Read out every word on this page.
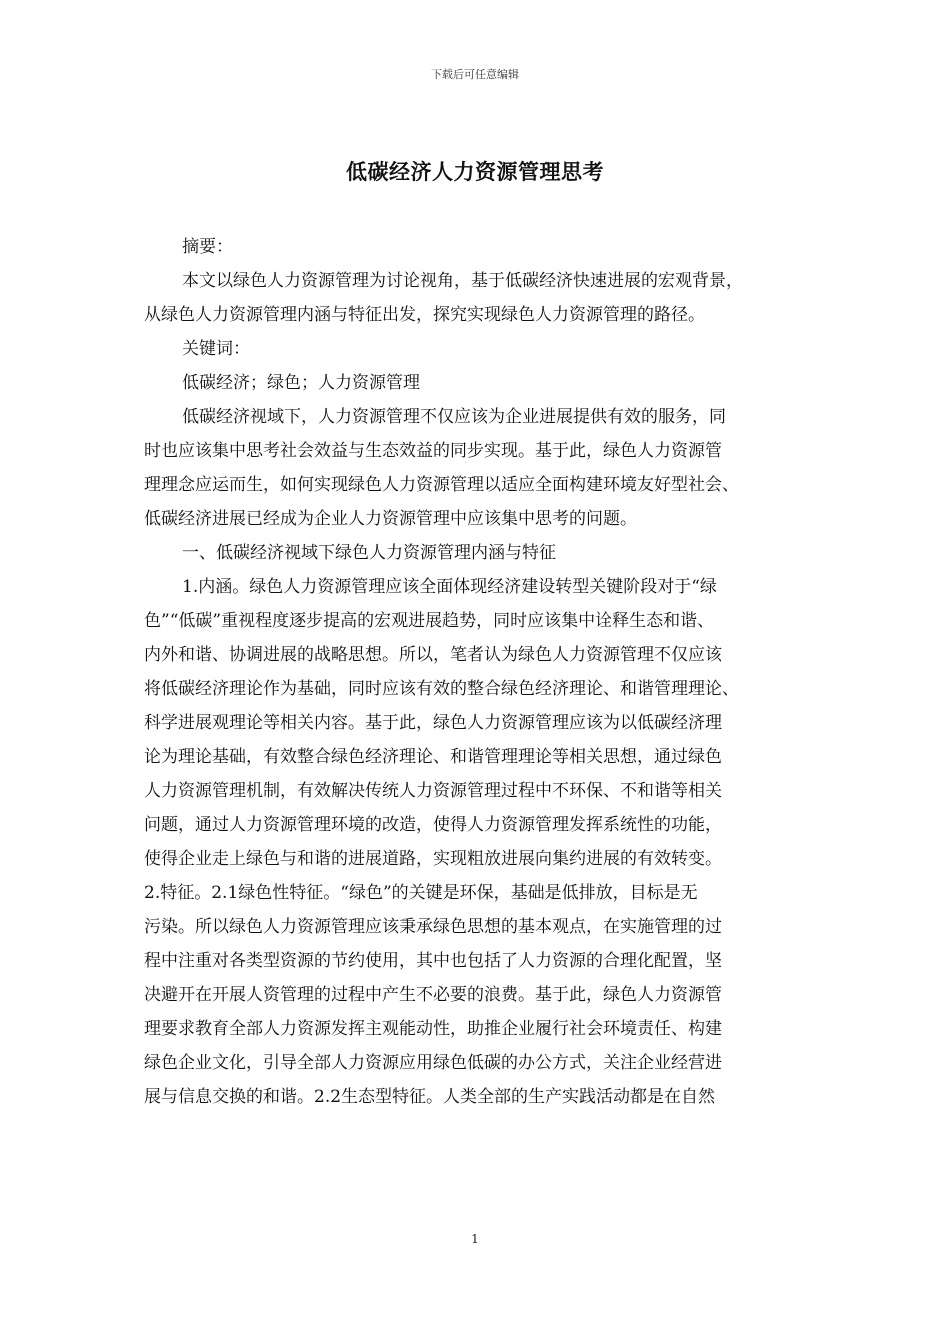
下载后可任意编辑
低碳经济人力资源管理思考
摘要：
本文以绿色人力资源管理为讨论视角，基于低碳经济快速进展的宏观背景，
从绿色人力资源管理内涵与特征出发，探究实现绿色人力资源管理的路径。
关键词：
低碳经济；绿色；人力资源管理
低碳经济视域下，人力资源管理不仅应该为企业进展提供有效的服务，同
时也应该集中思考社会效益与生态效益的同步实现。基于此，绿色人力资源管
理理念应运而生，如何实现绿色人力资源管理以适应全面构建环境友好型社会、
低碳经济进展已经成为企业人力资源管理中应该集中思考的问题。
一、低碳经济视域下绿色人力资源管理内涵与特征
1.内涵。绿色人力资源管理应该全面体现经济建设转型关键阶段对于“绿
色”“低碳”重视程度逐步提高的宏观进展趋势，同时应该集中诠释生态和谐、
内外和谐、协调进展的战略思想。所以，笔者认为绿色人力资源管理不仅应该
将低碳经济理论作为基础，同时应该有效的整合绿色经济理论、和谐管理理论、
科学进展观理论等相关内容。基于此，绿色人力资源管理应该为以低碳经济理
论为理论基础，有效整合绿色经济理论、和谐管理理论等相关思想，通过绿色
人力资源管理机制，有效解决传统人力资源管理过程中不环保、不和谐等相关
问题，通过人力资源管理环境的改造，使得人力资源管理发挥系统性的功能，
使得企业走上绿色与和谐的进展道路，实现粗放进展向集约进展的有效转变。
2.特征。2.1绿色性特征。“绿色”的关键是环保，基础是低排放，目标是无
污染。所以绿色人力资源管理应该秉承绿色思想的基本观点，在实施管理的过
程中注重对各类型资源的节约使用，其中也包括了人力资源的合理化配置，坚
决避开在开展人资管理的过程中产生不必要的浪费。基于此，绿色人力资源管
理要求教育全部人力资源发挥主观能动性，助推企业履行社会环境责任、构建
绿色企业文化，引导全部人力资源应用绿色低碳的办公方式，关注企业经营进
展与信息交换的和谐。2.2生态型特征。人类全部的生产实践活动都是在自然
1
